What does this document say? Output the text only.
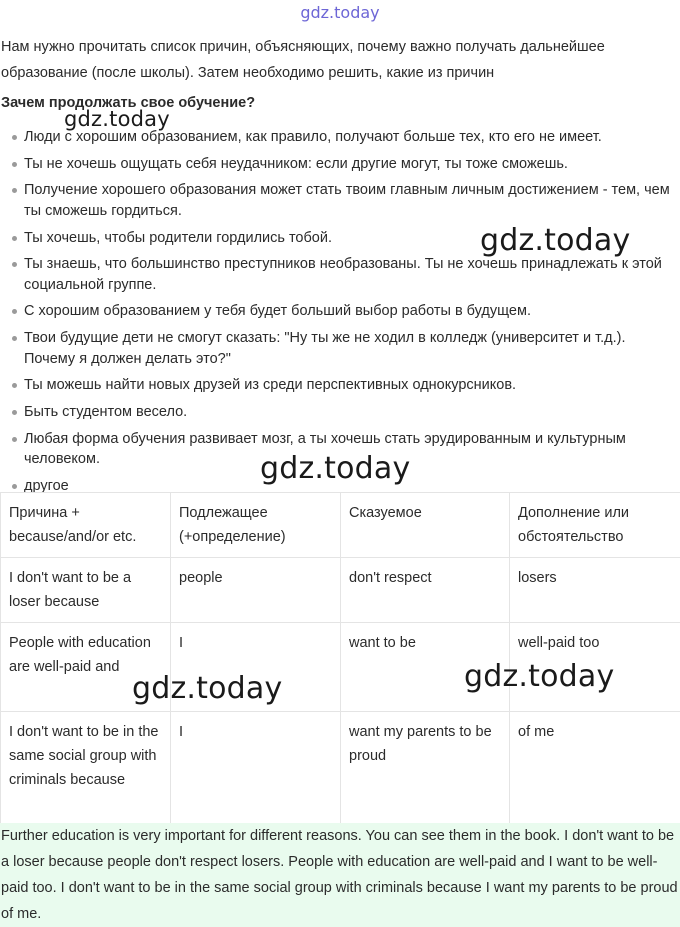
gdz.today

Нам нужно прочитать список причин, объясняющих, почему важно получать дальнейшее образование (после школы). Затем необходимо решить, какие из причин

Зачем продолжать свое обучение?

Люди с хорошим образованием, как правило, получают больше тех, кто его не имеет.
Ты не хочешь ощущать себя неудачником: если другие могут, ты тоже сможешь.
Получение хорошего образования может стать твоим главным личным достижением - тем, чем ты сможешь гордиться.
Ты хочешь, чтобы родители гордились тобой.
Ты знаешь, что большинство преступников необразованы. Ты не хочешь принадлежать к этой социальной группе.
С хорошим образованием у тебя будет больший выбор работы в будущем.
Твои будущие дети не смогут сказать: "Ну ты же не ходил в колледж (университет и т.д.). Почему я должен делать это?"
Ты можешь найти новых друзей из среди перспективных однокурсников.
Быть студентом весело.
Любая форма обучения развивает мозг, а ты хочешь стать эрудированным и культурным человеком.
другое
Причина + because/and/or etc.	Подлежащее (+определение)	Сказуемое	Дополнение или обстоятельство
I don't want to be a loser because	people	don't respect	losers
People with education are well-paid and	I	want to be	well-paid too
I don't want to be in the same social group with criminals because	I	want my parents to be proud	of me

Further education is very important for different reasons. You can see them in the book. I don't want to be a loser because people don't respect losers. People with education are well-paid and I want to be well-paid too. I don't want to be in the same social group with criminals because I want my parents to be proud of me.

gdz.today
gdz.today
gdz.today
gdz.today	gdz.today
